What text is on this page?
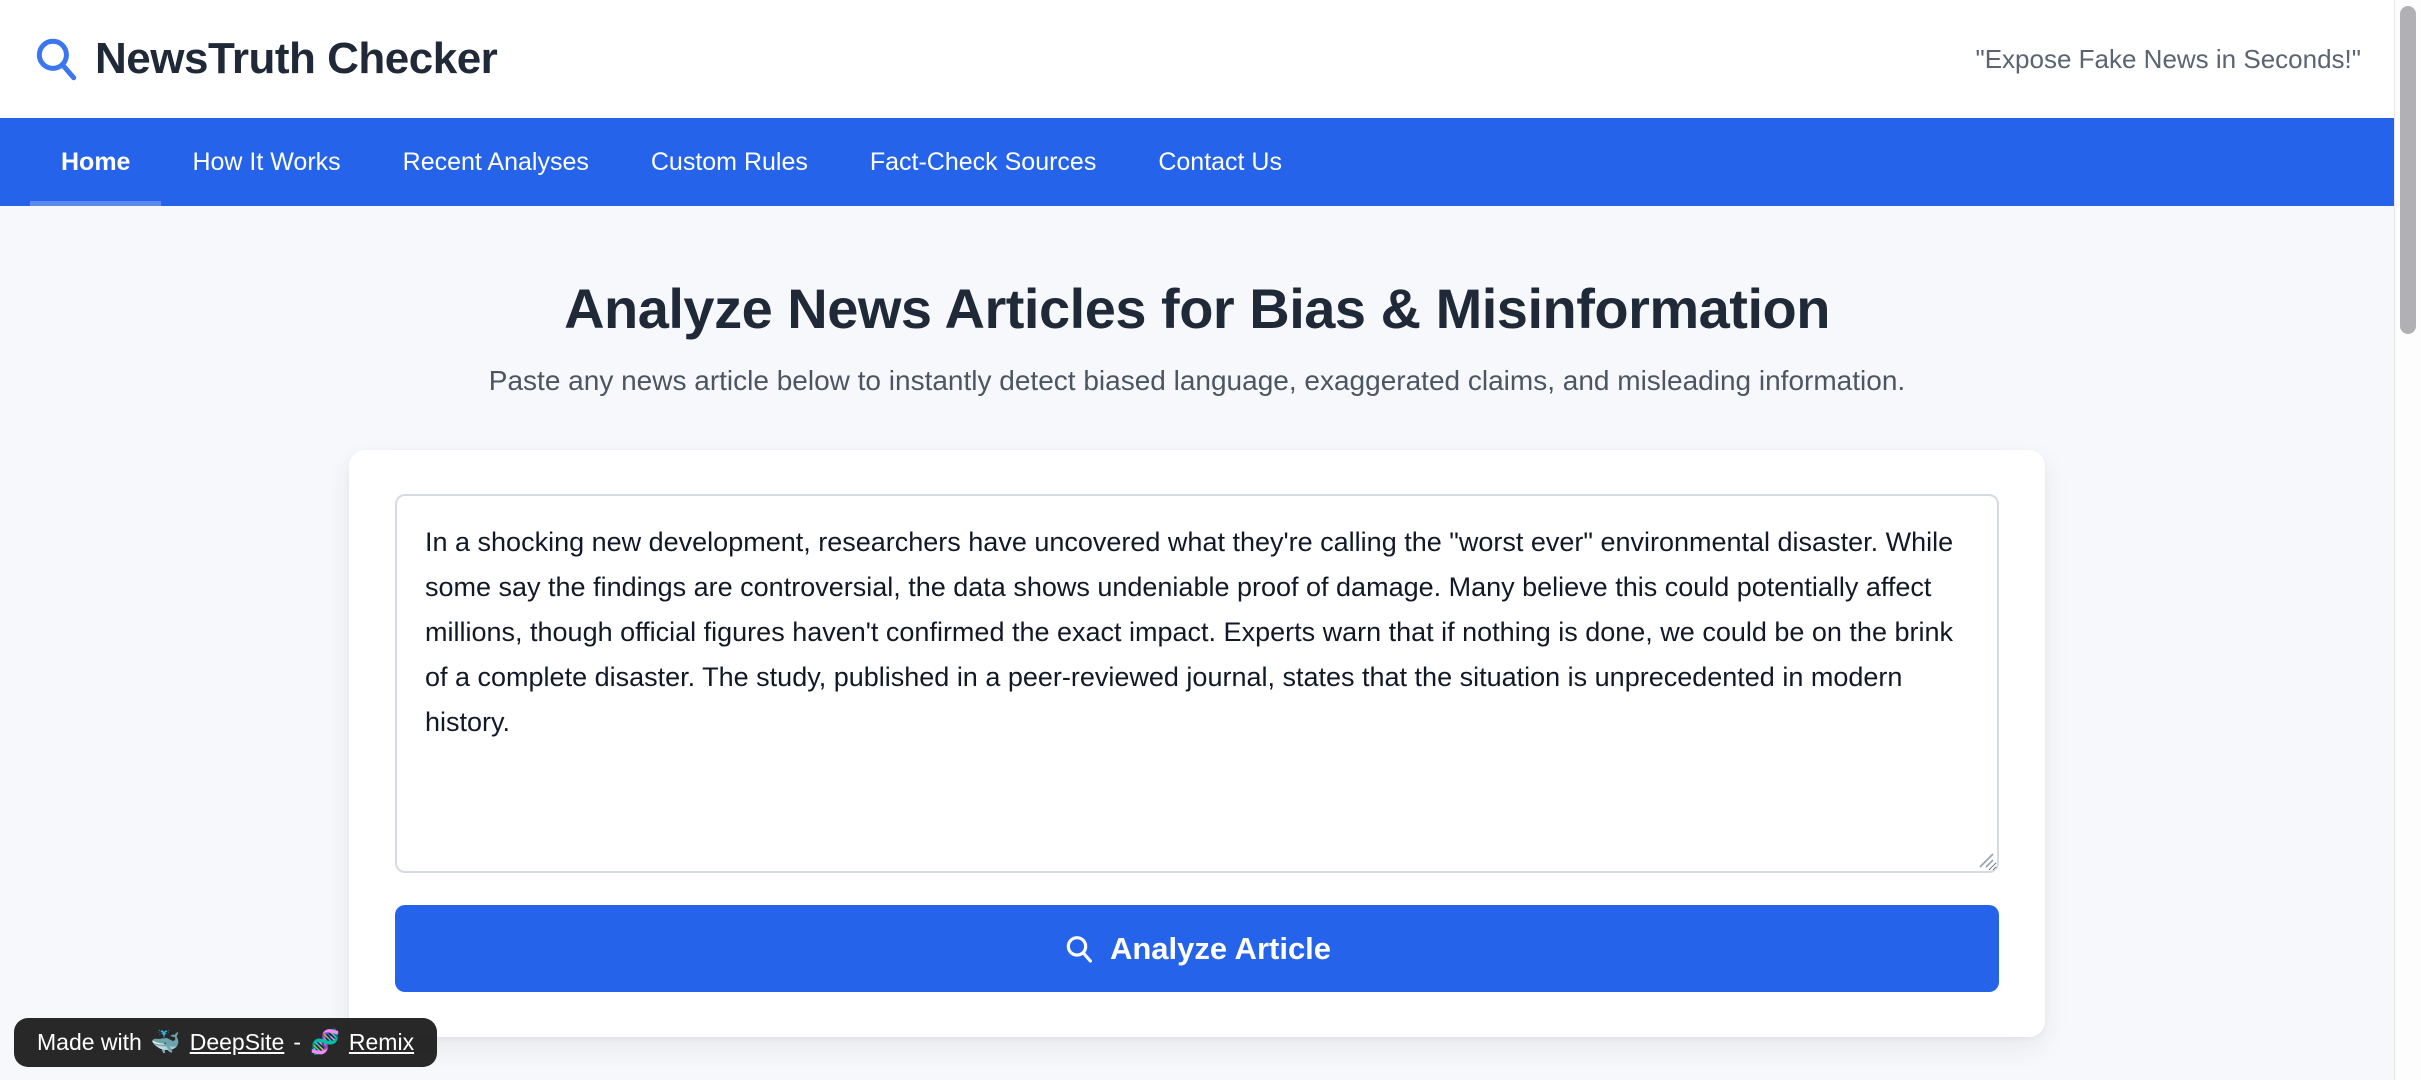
NewsTruth Checker	"Expose Fake News in Seconds!"
Home	How It Works	Recent Analyses	Custom Rules	Fact-Check Sources	Contact Us
Analyze News Articles for Bias & Misinformation

Paste any news article below to instantly detect biased language, exaggerated claims, and misleading information.

In a shocking new development, researchers have uncovered what they're calling the "worst ever" environmental disaster. While some say the findings are controversial, the data shows undeniable proof of damage. Many believe this could potentially affect millions, though official figures haven't confirmed the exact impact. Experts warn that if nothing is done, we could be on the brink of a complete disaster. The study, published in a peer-reviewed journal, states that the situation is unprecedented in modern history.
Analyze Article
Made with 🐳 DeepSite - 🧬 Remix
